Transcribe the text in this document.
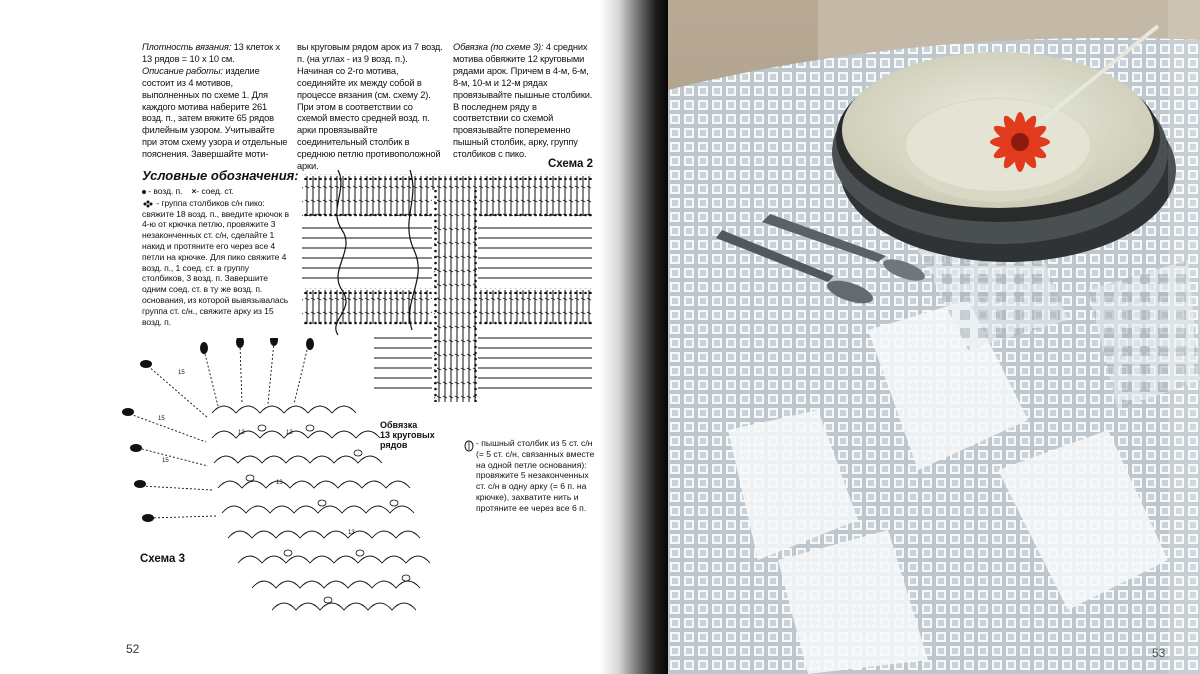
Плотность вязания: 13 клеток х 13 рядов = 10 х 10 см.

Описание работы: изделие состоит из 4 мотивов, выполненных по схеме 1. Для каждого мотива наберите 261 возд. п., затем вяжите 65 рядов филейным узором. Учитывайте при этом схему узора и отдельные пояснения. Завершайте моти-

вы круговым рядом арок из 7 возд. п. (на углах - из 9 возд. п.). Начиная со 2-го мотива, соединяйте их между собой в процессе вязания (см. схему 2). При этом в соответствии со схемой вместо средней возд. п. арки провязывайте соединительный столбик в среднюю петлю противоположной арки.

Обвязка (по схеме 3): 4 средних мотива обвяжите 12 круговыми рядами арок. Причем в 4-м, 6-м, 8-м, 10-м и 12-м рядах провязывайте пышные столбики. В последнем ряду в соответствии со схемой провязывайте попеременно пышный столбик, арку, группу столбиков с пико.

Условные обозначения:

- возд. п. ×- соед. ст.

- группа столбиков с/н пико: свяжите 18 возд. п., введите крючок в 4-ю от крючка петлю, провяжите 3 незаконченных ст. с/н, сделайте 1 накид и протяните его через все 4 петли на крючке. Для пико свяжите 4 возд. п., 1 соед. ст. в группу столбиков, 3 возд. п. Завершите одним соед. ст. в ту же возд. п. основания, из которой вывязывалась группа ст. с/н., свяжите арку из 15 возд. п.

Схема 2
15
15
15
13	13
13
13
Обвязка
13 круговых
рядов	- пышный столбик из 5 ст. с/н (= 5 ст. с/н, связанных вместе на одной петле основания): провяжите 5 незаконченных ст. с/н в одну арку (= 6 п. на крючке), захватите нить и протяните ее через все 6 п.
Схема 3
52	53
